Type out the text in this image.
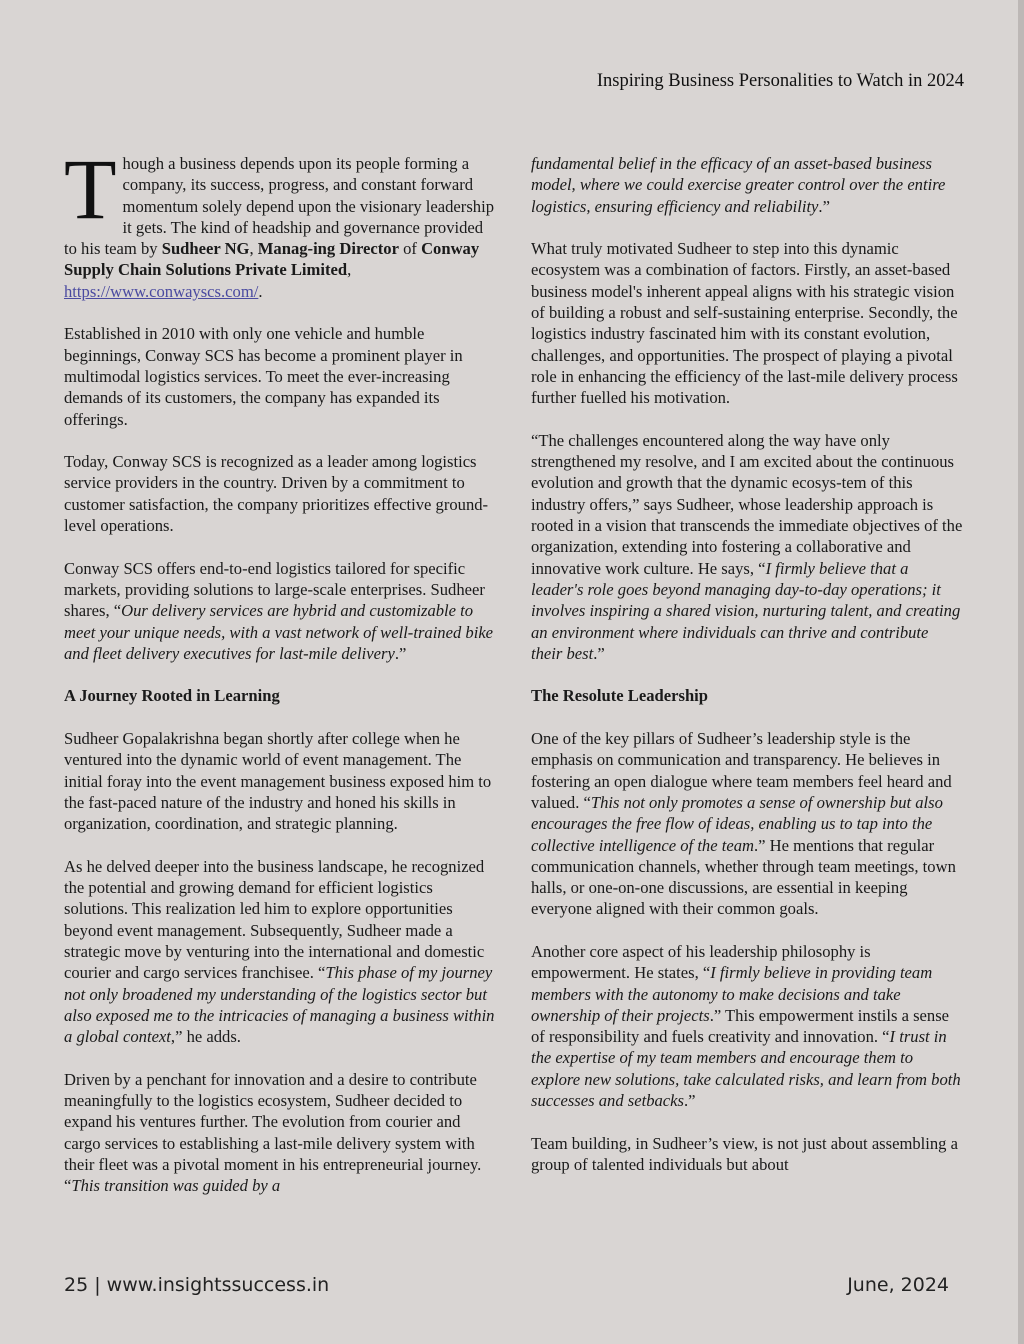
Inspiring Business Personalities to Watch in 2024

Though a business depends upon its people forming a company, its success, progress, and constant forward momentum solely depend upon the visionary leadership it gets. The kind of headship and governance provided to his team by Sudheer NG, Manag-ing Director of Conway Supply Chain Solutions Private Limited, https://www.conwayscs.com/.

Established in 2010 with only one vehicle and humble beginnings, Conway SCS has become a prominent player in multimodal logistics services. To meet the ever-increasing demands of its customers, the company has expanded its offerings.

Today, Conway SCS is recognized as a leader among logistics service providers in the country. Driven by a commitment to customer satisfaction, the company prioritizes effective ground-level operations.

Conway SCS offers end-to-end logistics tailored for specific markets, providing solutions to large-scale enterprises. Sudheer shares, “Our delivery services are hybrid and customizable to meet your unique needs, with a vast network of well-trained bike and fleet delivery executives for last-mile delivery.”

A Journey Rooted in Learning

Sudheer Gopalakrishna began shortly after college when he ventured into the dynamic world of event management. The initial foray into the event management business exposed him to the fast-paced nature of the industry and honed his skills in organization, coordination, and strategic planning.

As he delved deeper into the business landscape, he recognized the potential and growing demand for efficient logistics solutions. This realization led him to explore opportunities beyond event management. Subsequently, Sudheer made a strategic move by venturing into the international and domestic courier and cargo services franchisee. “This phase of my journey not only broadened my understanding of the logistics sector but also exposed me to the intricacies of managing a business within a global context,” he adds.

Driven by a penchant for innovation and a desire to contribute meaningfully to the logistics ecosystem, Sudheer decided to expand his ventures further. The evolution from courier and cargo services to establishing a last-mile delivery system with their fleet was a pivotal moment in his entrepreneurial journey. “This transition was guided by a

fundamental belief in the efficacy of an asset-based business model, where we could exercise greater control over the entire logistics, ensuring efficiency and reliability.”

What truly motivated Sudheer to step into this dynamic ecosystem was a combination of factors. Firstly, an asset-based business model's inherent appeal aligns with his strategic vision of building a robust and self-sustaining enterprise. Secondly, the logistics industry fascinated him with its constant evolution, challenges, and opportunities. The prospect of playing a pivotal role in enhancing the efficiency of the last-mile delivery process further fuelled his motivation.

“The challenges encountered along the way have only strengthened my resolve, and I am excited about the continuous evolution and growth that the dynamic ecosys-tem of this industry offers,” says Sudheer, whose leadership approach is rooted in a vision that transcends the immediate objectives of the organization, extending into fostering a collaborative and innovative work culture. He says, “I firmly believe that a leader's role goes beyond managing day-to-day operations; it involves inspiring a shared vision, nurturing talent, and creating an environment where individuals can thrive and contribute their best.”

The Resolute Leadership

One of the key pillars of Sudheer’s leadership style is the emphasis on communication and transparency. He believes in fostering an open dialogue where team members feel heard and valued. “This not only promotes a sense of ownership but also encourages the free flow of ideas, enabling us to tap into the collective intelligence of the team.” He mentions that regular communication channels, whether through team meetings, town halls, or one-on-one discussions, are essential in keeping everyone aligned with their common goals.

Another core aspect of his leadership philosophy is empowerment. He states, “I firmly believe in providing team members with the autonomy to make decisions and take ownership of their projects.” This empowerment instils a sense of responsibility and fuels creativity and innovation. “I trust in the expertise of my team members and encourage them to explore new solutions, take calculated risks, and learn from both successes and setbacks.”

Team building, in Sudheer’s view, is not just about assembling a group of talented individuals but about

25 | www.insightssuccess.in	June, 2024
